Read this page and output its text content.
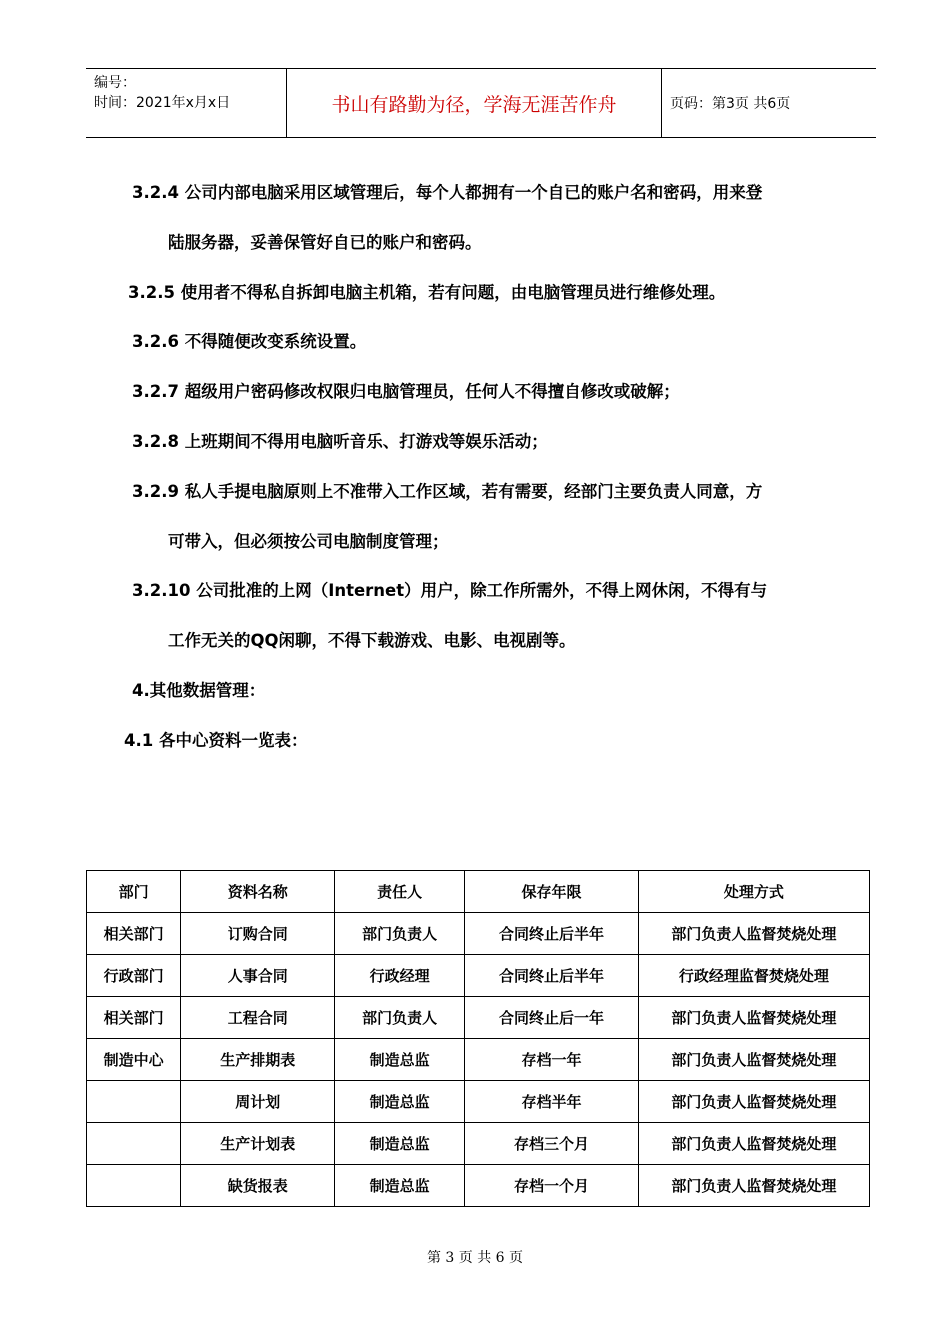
编号：
时间：2021年x月x日	书山有路勤为径，学海无涯苦作舟	页码：第3页 共6页
3.2.4 公司内部电脑采用区域管理后，每个人都拥有一个自已的账户名和密码，用来登
陆服务器，妥善保管好自已的账户和密码。
3.2.5 使用者不得私自拆卸电脑主机箱，若有问题，由电脑管理员进行维修处理。
3.2.6 不得随便改变系统设置。
3.2.7 超级用户密码修改权限归电脑管理员，任何人不得擅自修改或破解；
3.2.8 上班期间不得用电脑听音乐、打游戏等娱乐活动；
3.2.9 私人手提电脑原则上不准带入工作区域，若有需要，经部门主要负责人同意，方
可带入，但必须按公司电脑制度管理；
3.2.10 公司批准的上网（Internet）用户，除工作所需外，不得上网休闲，不得有与
工作无关的QQ闲聊，不得下载游戏、电影、电视剧等。
4.其他数据管理：
4.1 各中心资料一览表：
部门	资料名称	责任人	保存年限	处理方式
相关部门	订购合同	部门负责人	合同终止后半年	部门负责人监督焚烧处理
行政部门	人事合同	行政经理	合同终止后半年	行政经理监督焚烧处理
相关部门	工程合同	部门负责人	合同终止后一年	部门负责人监督焚烧处理
制造中心	生产排期表	制造总监	存档一年	部门负责人监督焚烧处理
	周计划	制造总监	存档半年	部门负责人监督焚烧处理
	生产计划表	制造总监	存档三个月	部门负责人监督焚烧处理
	缺货报表	制造总监	存档一个月	部门负责人监督焚烧处理
第 3 页 共 6 页
